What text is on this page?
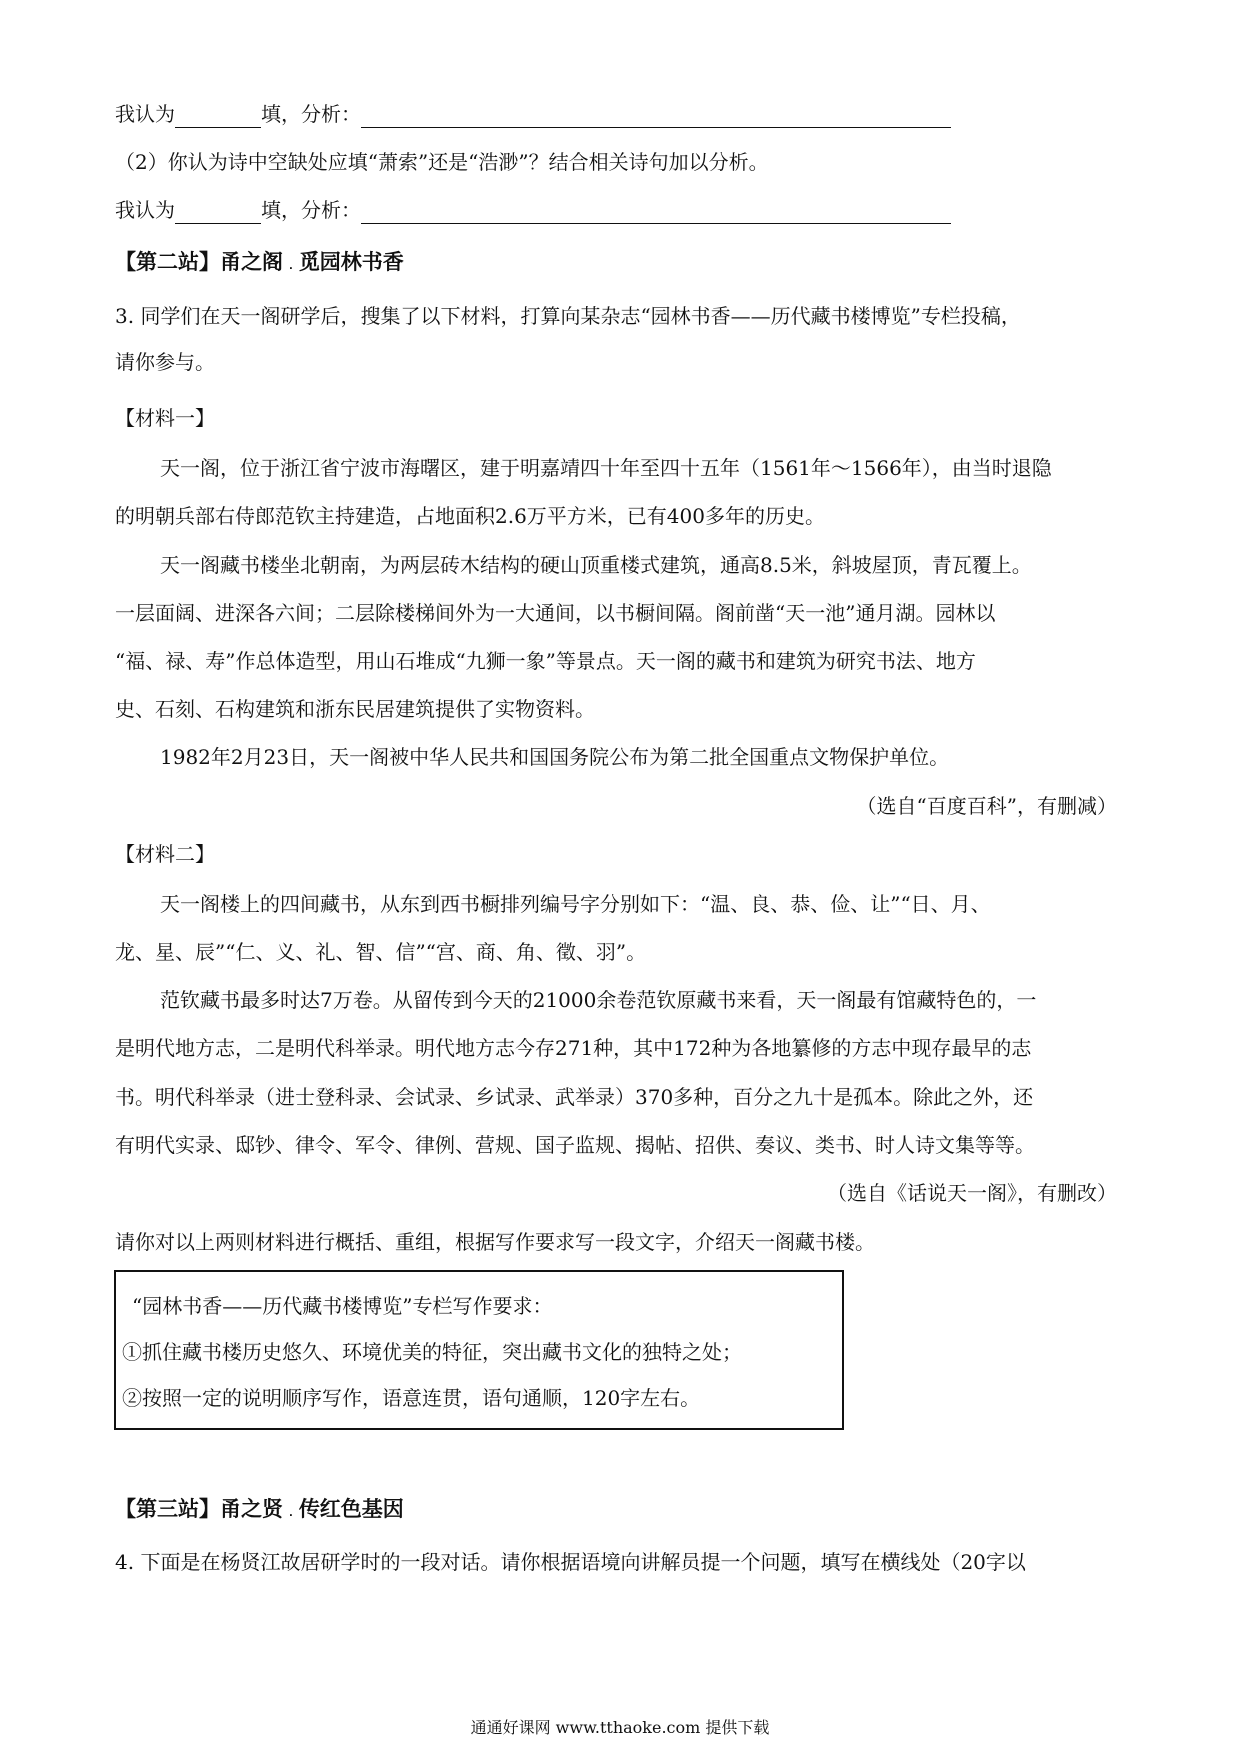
我认为	填，分析：
（2）你认为诗中空缺处应填“萧索”还是“浩渺”？结合相关诗句加以分析。
我认为	填，分析：
【第二站】甬之阁 . 觅园林书香
3. 同学们在天一阁研学后，搜集了以下材料，打算向某杂志“园林书香——历代藏书楼博览”专栏投稿，
请你参与。
【材料一】
天一阁，位于浙江省宁波市海曙区，建于明嘉靖四十年至四十五年（1561年～1566年），由当时退隐
的明朝兵部右侍郎范钦主持建造，占地面积2.6万平方米，已有400多年的历史。
天一阁藏书楼坐北朝南，为两层砖木结构的硬山顶重楼式建筑，通高8.5米，斜坡屋顶，青瓦覆上。
一层面阔、进深各六间；二层除楼梯间外为一大通间，以书橱间隔。阁前凿“天一池”通月湖。园林以
“福、禄、寿”作总体造型，用山石堆成“九狮一象”等景点。天一阁的藏书和建筑为研究书法、地方
史、石刻、石构建筑和浙东民居建筑提供了实物资料。
1982年2月23日，天一阁被中华人民共和国国务院公布为第二批全国重点文物保护单位。
（选自“百度百科”，有删减）
【材料二】
天一阁楼上的四间藏书，从东到西书橱排列编号字分别如下：“温、良、恭、俭、让”“日、月、
龙、星、辰”“仁、义、礼、智、信”“宫、商、角、徵、羽”。
范钦藏书最多时达7万卷。从留传到今天的21000余卷范钦原藏书来看，天一阁最有馆藏特色的，一
是明代地方志，二是明代科举录。明代地方志今存271种，其中172种为各地纂修的方志中现存最早的志
书。明代科举录（进士登科录、会试录、乡试录、武举录）370多种，百分之九十是孤本。除此之外，还
有明代实录、邸钞、律令、军令、律例、营规、国子监规、揭帖、招供、奏议、类书、时人诗文集等等。
（选自《话说天一阁》，有删改）
请你对以上两则材料进行概括、重组，根据写作要求写一段文字，介绍天一阁藏书楼。
“园林书香——历代藏书楼博览”专栏写作要求：
①抓住藏书楼历史悠久、环境优美的特征，突出藏书文化的独特之处；
②按照一定的说明顺序写作，语意连贯，语句通顺，120字左右。
【第三站】甬之贤 . 传红色基因
4. 下面是在杨贤江故居研学时的一段对话。请你根据语境向讲解员提一个问题，填写在横线处（20字以
通通好课网 www.tthaoke.com 提供下载
